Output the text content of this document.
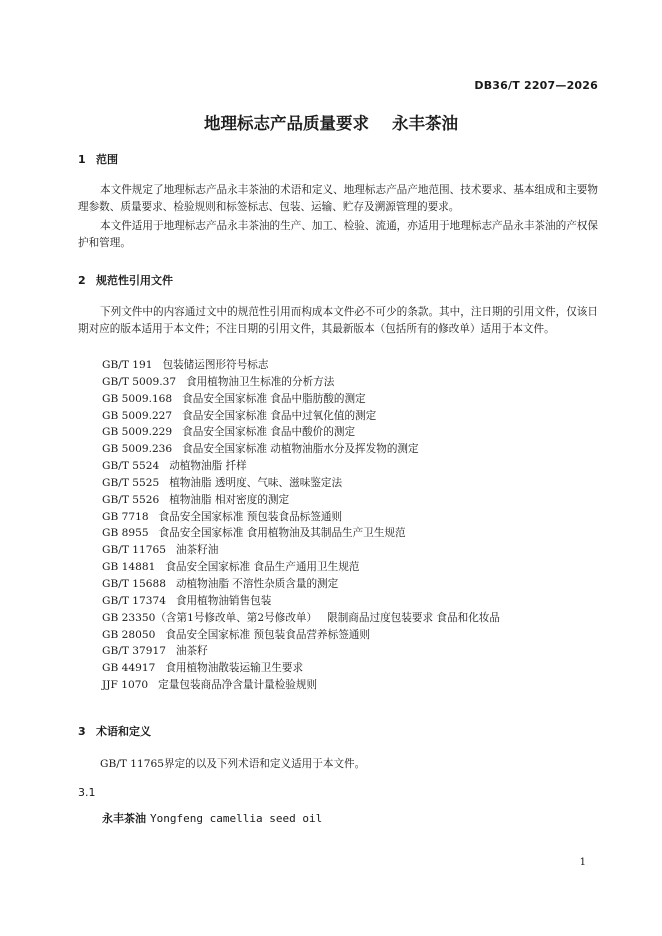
DB36/T 2207—2026
地理标志产品质量要求    永丰茶油
1 范围
本文件规定了地理标志产品永丰茶油的术语和定义、地理标志产品产地范围、技术要求、基本组成和主要物理参数、质量要求、检验规则和标签标志、包装、运输、贮存及溯源管理的要求。
本文件适用于地理标志产品永丰茶油的生产、加工、检验、流通，亦适用于地理标志产品永丰茶油的产权保护和管理。
2 规范性引用文件
下列文件中的内容通过文中的规范性引用而构成本文件必不可少的条款。其中，注日期的引用文件，仅该日期对应的版本适用于本文件；不注日期的引用文件，其最新版本（包括所有的修改单）适用于本文件。
GB/T 191 包装储运图形符号标志
GB/T 5009.37 食用植物油卫生标准的分析方法
GB 5009.168 食品安全国家标准 食品中脂肪酸的测定
GB 5009.227 食品安全国家标准 食品中过氧化值的测定
GB 5009.229 食品安全国家标准 食品中酸价的测定
GB 5009.236 食品安全国家标准 动植物油脂水分及挥发物的测定
GB/T 5524 动植物油脂 扦样
GB/T 5525 植物油脂 透明度、气味、滋味鉴定法
GB/T 5526 植物油脂 相对密度的测定
GB 7718 食品安全国家标准 预包装食品标签通则
GB 8955 食品安全国家标准 食用植物油及其制品生产卫生规范
GB/T 11765 油茶籽油
GB 14881 食品安全国家标准 食品生产通用卫生规范
GB/T 15688 动植物油脂 不溶性杂质含量的测定
GB/T 17374 食用植物油销售包装
GB 23350（含第1号修改单、第2号修改单） 限制商品过度包装要求 食品和化妆品
GB 28050 食品安全国家标准 预包装食品营养标签通则
GB/T 37917 油茶籽
GB 44917 食用植物油散装运输卫生要求
JJF 1070 定量包装商品净含量计量检验规则
3 术语和定义
GB/T 11765界定的以及下列术语和定义适用于本文件。
3.1
永丰茶油 Yongfeng camellia seed oil
1
